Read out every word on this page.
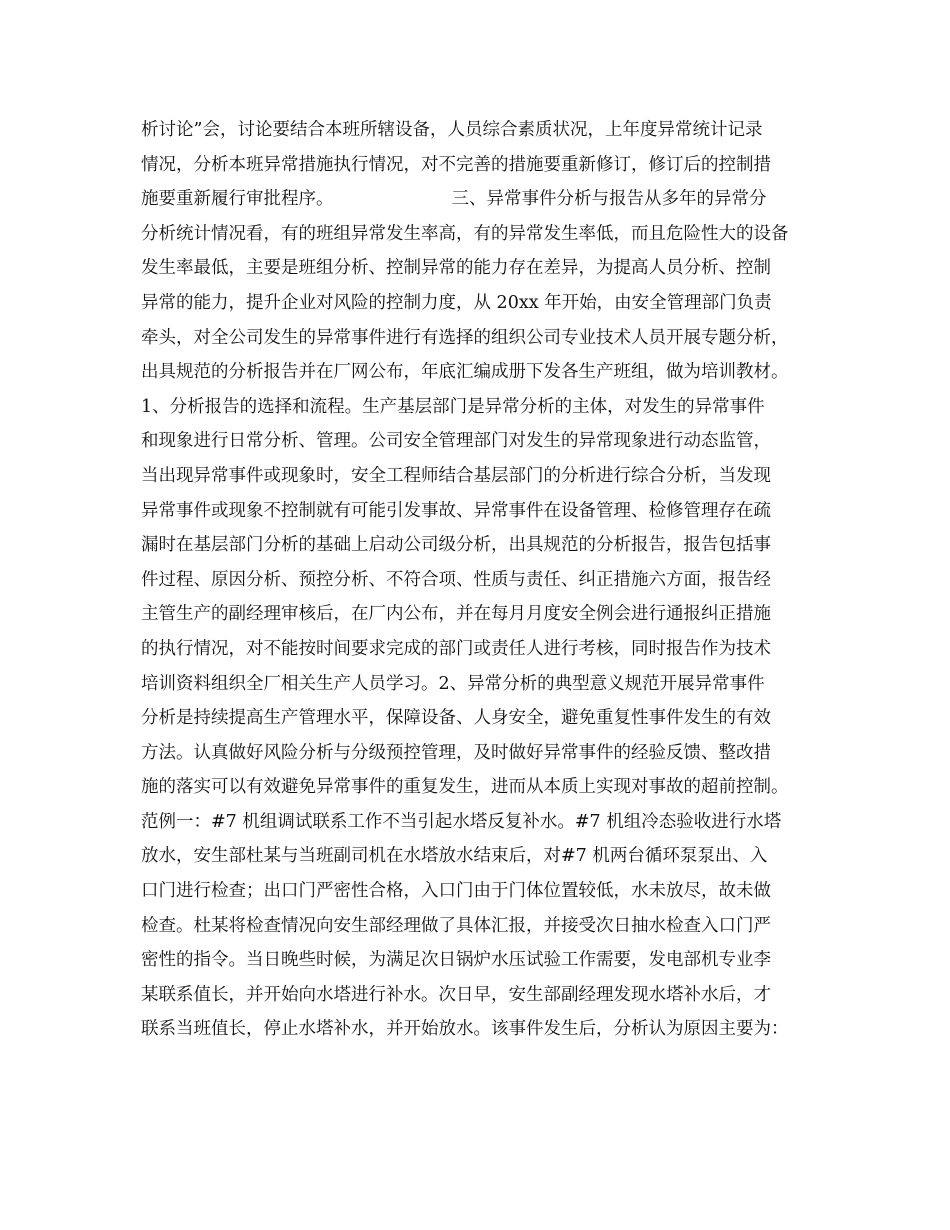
析讨论”会，讨论要结合本班所辖设备，人员综合素质状况，上年度异常统计记录
情况，分析本班异常措施执行情况，对不完善的措施要重新修订，修订后的控制措
施要重新履行审批程序。	三、异常事件分析与报告从多年的异常分
分析统计情况看，有的班组异常发生率高，有的异常发生率低，而且危险性大的设备
发生率最低，主要是班组分析、控制异常的能力存在差异，为提高人员分析、控制
异常的能力，提升企业对风险的控制力度，从 20xx 年开始，由安全管理部门负责
牵头，对全公司发生的异常事件进行有选择的组织公司专业技术人员开展专题分析，
出具规范的分析报告并在厂网公布，年底汇编成册下发各生产班组，做为培训教材。
1、分析报告的选择和流程。生产基层部门是异常分析的主体，对发生的异常事件
和现象进行日常分析、管理。公司安全管理部门对发生的异常现象进行动态监管，
当出现异常事件或现象时，安全工程师结合基层部门的分析进行综合分析，当发现
异常事件或现象不控制就有可能引发事故、异常事件在设备管理、检修管理存在疏
漏时在基层部门分析的基础上启动公司级分析，出具规范的分析报告，报告包括事
件过程、原因分析、预控分析、不符合项、性质与责任、纠正措施六方面，报告经
主管生产的副经理审核后，在厂内公布，并在每月月度安全例会进行通报纠正措施
的执行情况，对不能按时间要求完成的部门或责任人进行考核，同时报告作为技术
培训资料组织全厂相关生产人员学习。2、异常分析的典型意义规范开展异常事件
分析是持续提高生产管理水平，保障设备、人身安全，避免重复性事件发生的有效
方法。认真做好风险分析与分级预控管理，及时做好异常事件的经验反馈、整改措
施的落实可以有效避免异常事件的重复发生，进而从本质上实现对事故的超前控制。
范例一：#7 机组调试联系工作不当引起水塔反复补水。#7 机组冷态验收进行水塔
放水，安生部杜某与当班副司机在水塔放水结束后，对#7 机两台循环泵泵出、入
口门进行检查；出口门严密性合格，入口门由于门体位置较低，水未放尽，故未做
检查。杜某将检查情况向安生部经理做了具体汇报，并接受次日抽水检查入口门严
密性的指令。当日晚些时候，为满足次日锅炉水压试验工作需要，发电部机专业李
某联系值长，并开始向水塔进行补水。次日早，安生部副经理发现水塔补水后，才
联系当班值长，停止水塔补水，并开始放水。该事件发生后，分析认为原因主要为：
